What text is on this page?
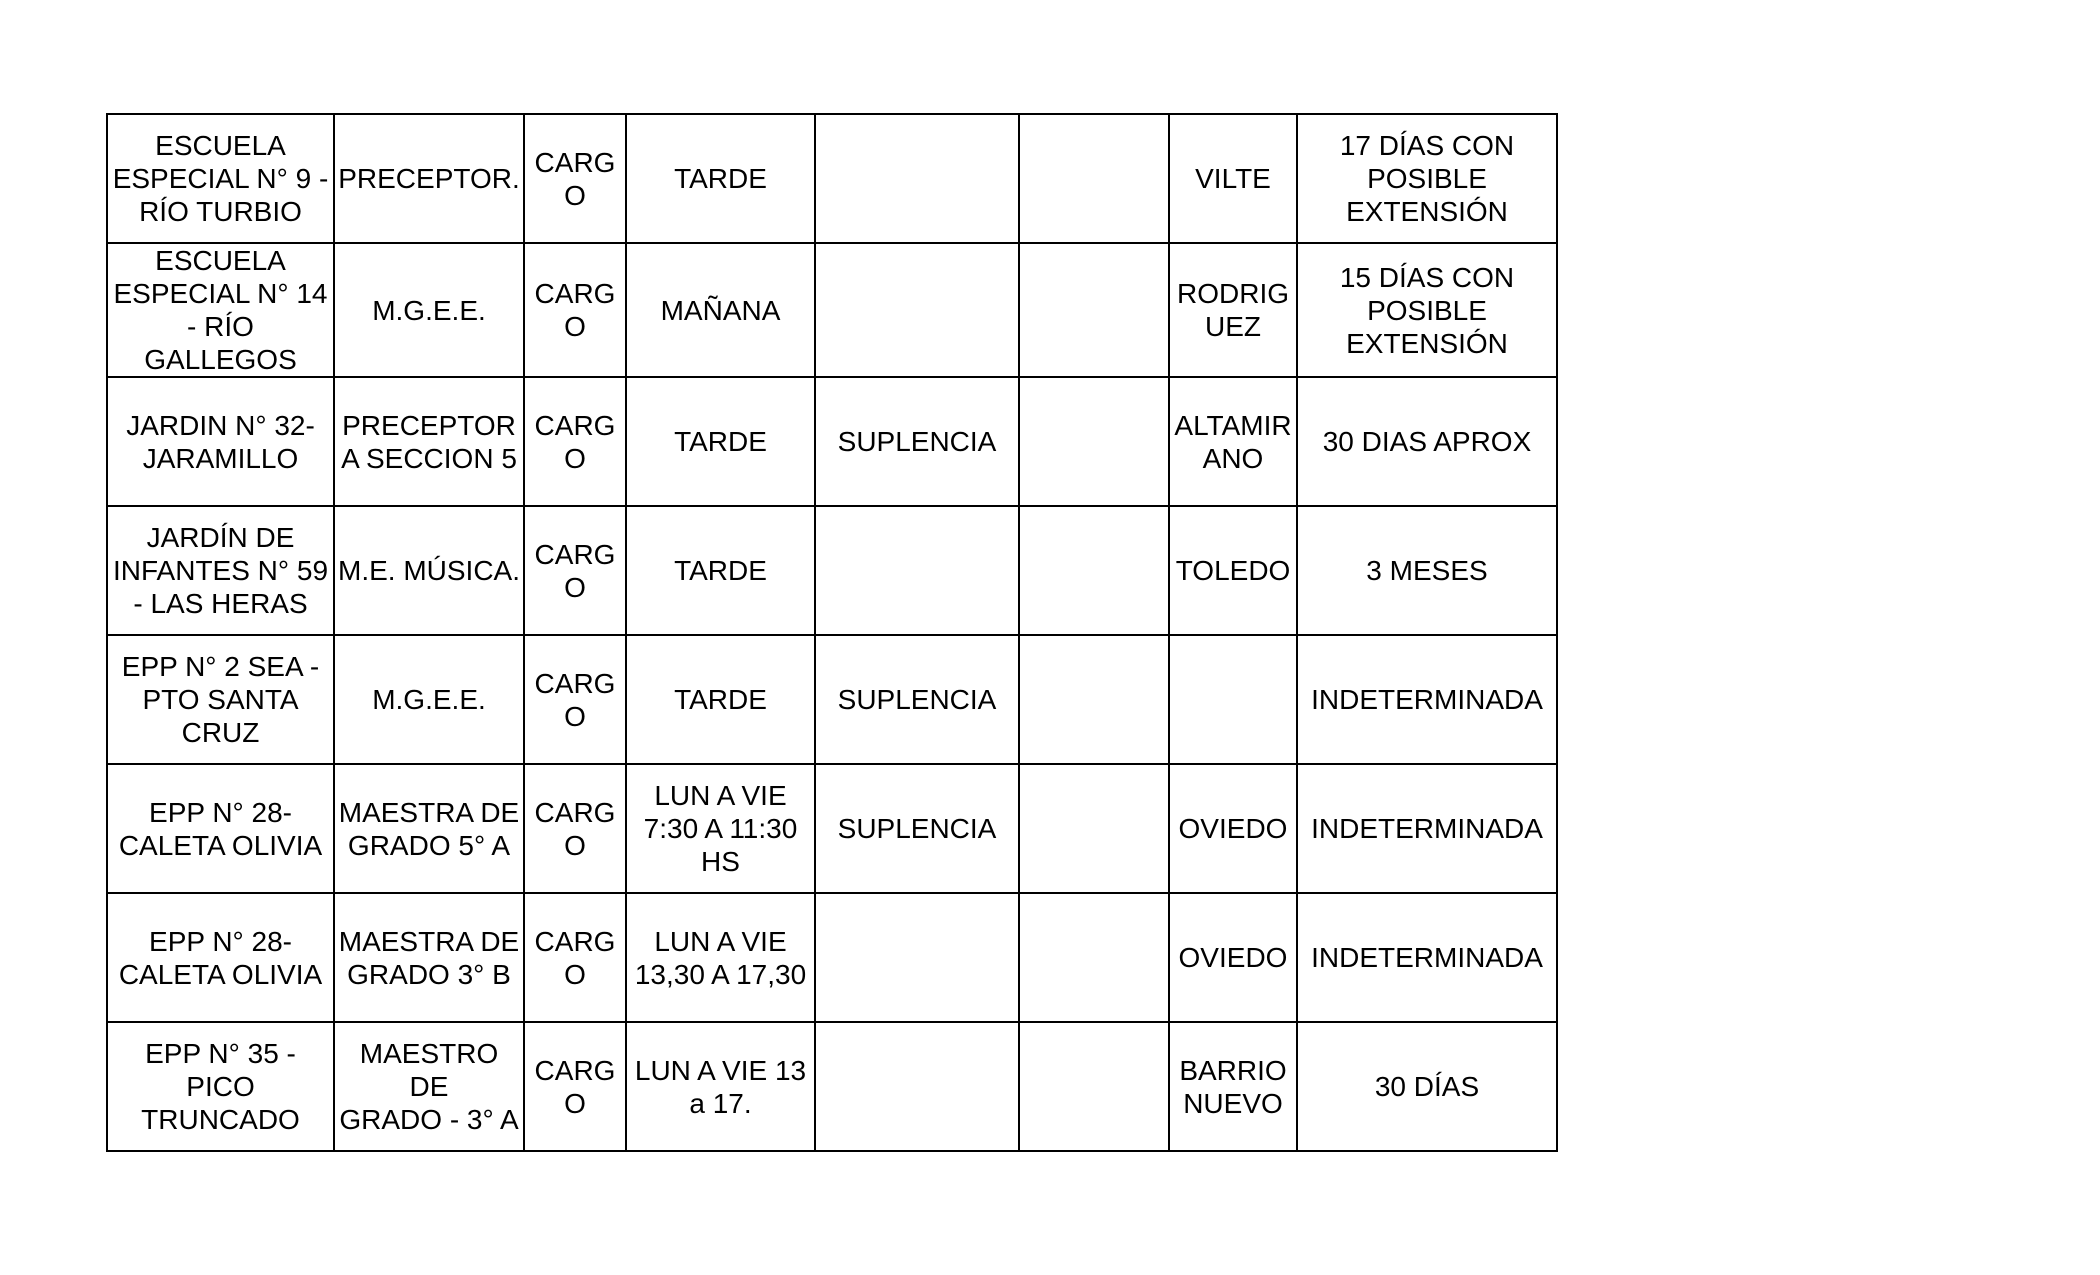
ESCUELA
ESPECIAL N° 9 -
RÍO TURBIO	PRECEPTOR.	CARG
O	TARDE			VILTE	17 DÍAS CON
POSIBLE
EXTENSIÓN

ESCUELA
ESPECIAL N° 14
- RÍO
GALLEGOS	M.G.E.E.	CARG
O	MAÑANA			RODRIG
UEZ	15 DÍAS CON
POSIBLE
EXTENSIÓN

JARDIN N° 32-
JARAMILLO	PRECEPTOR
A SECCION 5	CARG
O	TARDE	SUPLENCIA		ALTAMIR
ANO	30 DIAS APROX

JARDÍN DE
INFANTES N° 59
- LAS HERAS	M.E. MÚSICA.	CARG
O	TARDE			TOLEDO	3 MESES

EPP N° 2 SEA -
PTO SANTA
CRUZ	M.G.E.E.	CARG
O	TARDE	SUPLENCIA			INDETERMINADA

EPP N° 28-
CALETA OLIVIA	MAESTRA DE
GRADO 5° A	CARG
O	LUN A VIE
7:30 A 11:30
HS	SUPLENCIA		OVIEDO	INDETERMINADA

EPP N° 28-
CALETA OLIVIA	MAESTRA DE
GRADO 3° B	CARG
O	LUN A VIE
13,30 A 17,30			OVIEDO	INDETERMINADA

EPP N° 35 -
PICO
TRUNCADO	MAESTRO DE
GRADO - 3° A	CARG
O	LUN A VIE 13
a 17.			BARRIO
NUEVO	30 DÍAS
